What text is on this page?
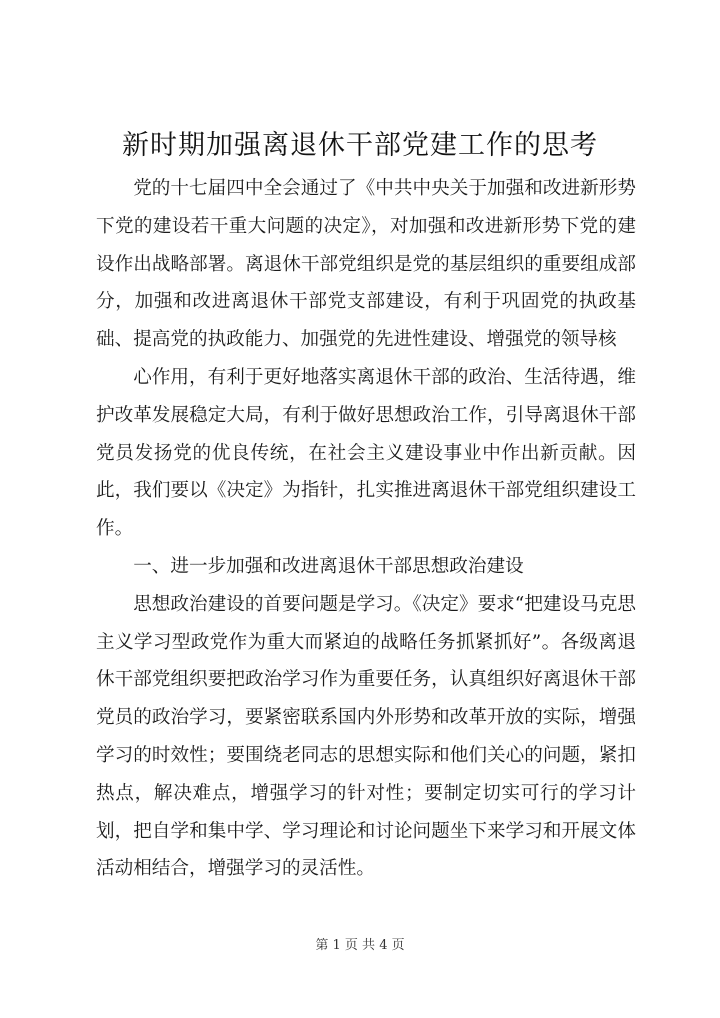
新时期加强离退休干部党建工作的思考

党的十七届四中全会通过了《中共中央关于加强和改进新形势下党的建设若干重大问题的决定》，对加强和改进新形势下党的建设作出战略部署。离退休干部党组织是党的基层组织的重要组成部分，加强和改进离退休干部党支部建设，有利于巩固党的执政基础、提高党的执政能力、加强党的先进性建设、增强党的领导核

心作用，有利于更好地落实离退休干部的政治、生活待遇，维护改革发展稳定大局，有利于做好思想政治工作，引导离退休干部党员发扬党的优良传统，在社会主义建设事业中作出新贡献。因此，我们要以《决定》为指针，扎实推进离退休干部党组织建设工作。

一、进一步加强和改进离退休干部思想政治建设

思想政治建设的首要问题是学习。《决定》要求“把建设马克思主义学习型政党作为重大而紧迫的战略任务抓紧抓好”。各级离退休干部党组织要把政治学习作为重要任务，认真组织好离退休干部党员的政治学习，要紧密联系国内外形势和改革开放的实际，增强学习的时效性；要围绕老同志的思想实际和他们关心的问题，紧扣热点，解决难点，增强学习的针对性；要制定切实可行的学习计划，把自学和集中学、学习理论和讨论问题坐下来学习和开展文体活动相结合，增强学习的灵活性。

第 1 页 共 4 页
